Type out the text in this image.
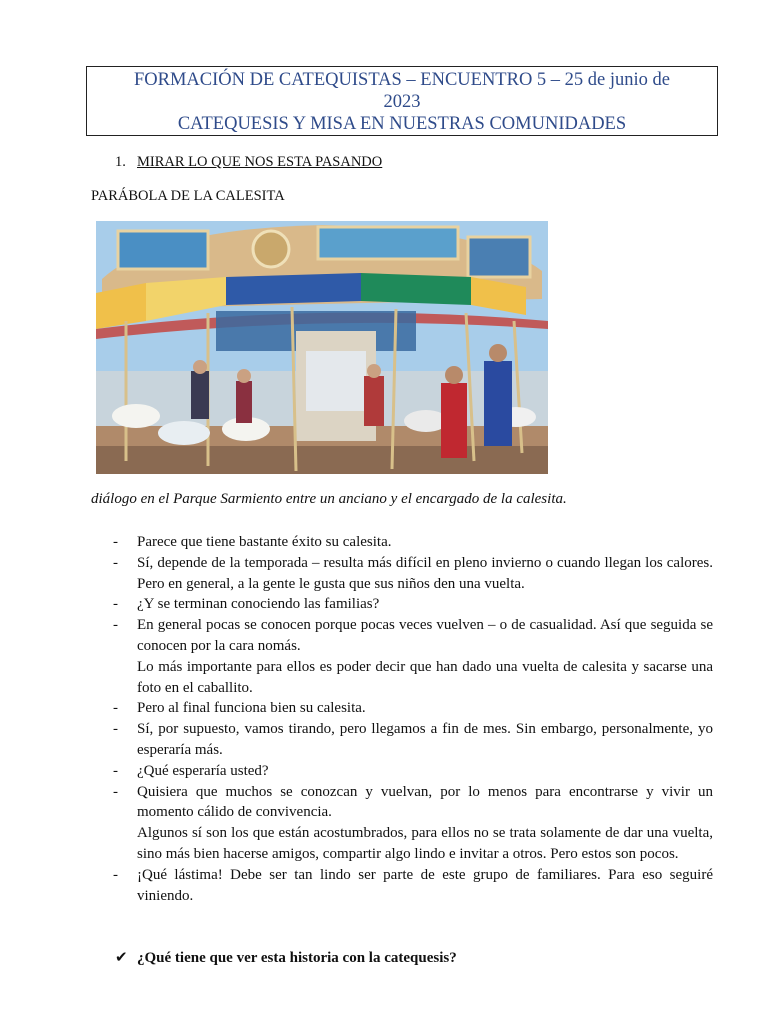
FORMACIÓN DE CATEQUISTAS – ENCUENTRO 5 – 25 de junio de
2023
CATEQUESIS Y MISA EN NUESTRAS COMUNIDADES
1. MIRAR LO QUE NOS ESTA PASANDO
PARÁBOLA DE LA CALESITA
diálogo en el Parque Sarmiento entre un anciano y el encargado de la calesita.
- Parece que tiene bastante éxito su calesita.
- Sí, depende de la temporada – resulta más difícil en pleno invierno o cuando llegan los calores. Pero en general, a la gente le gusta que sus niños den una vuelta.
- ¿Y se terminan conociendo las familias?
- En general pocas se conocen porque pocas veces vuelven – o de casualidad. Así que seguida se conocen por la cara nomás.
Lo más importante para ellos es poder decir que han dado una vuelta de calesita y sacarse una foto en el caballito.
- Pero al final funciona bien su calesita.
- Sí, por supuesto, vamos tirando, pero llegamos a fin de mes. Sin embargo, personalmente, yo esperaría más.
- ¿Qué esperaría usted?
- Quisiera que muchos se conozcan y vuelvan, por lo menos para encontrarse y vivir un momento cálido de convivencia.
Algunos sí son los que están acostumbrados, para ellos no se trata solamente de dar una vuelta, sino más bien hacerse amigos, compartir algo lindo e invitar a otros. Pero estos son pocos.
- ¡Qué lástima! Debe ser tan lindo ser parte de este grupo de familiares. Para eso seguiré viniendo.
✔ ¿Qué tiene que ver esta historia con la catequesis?
